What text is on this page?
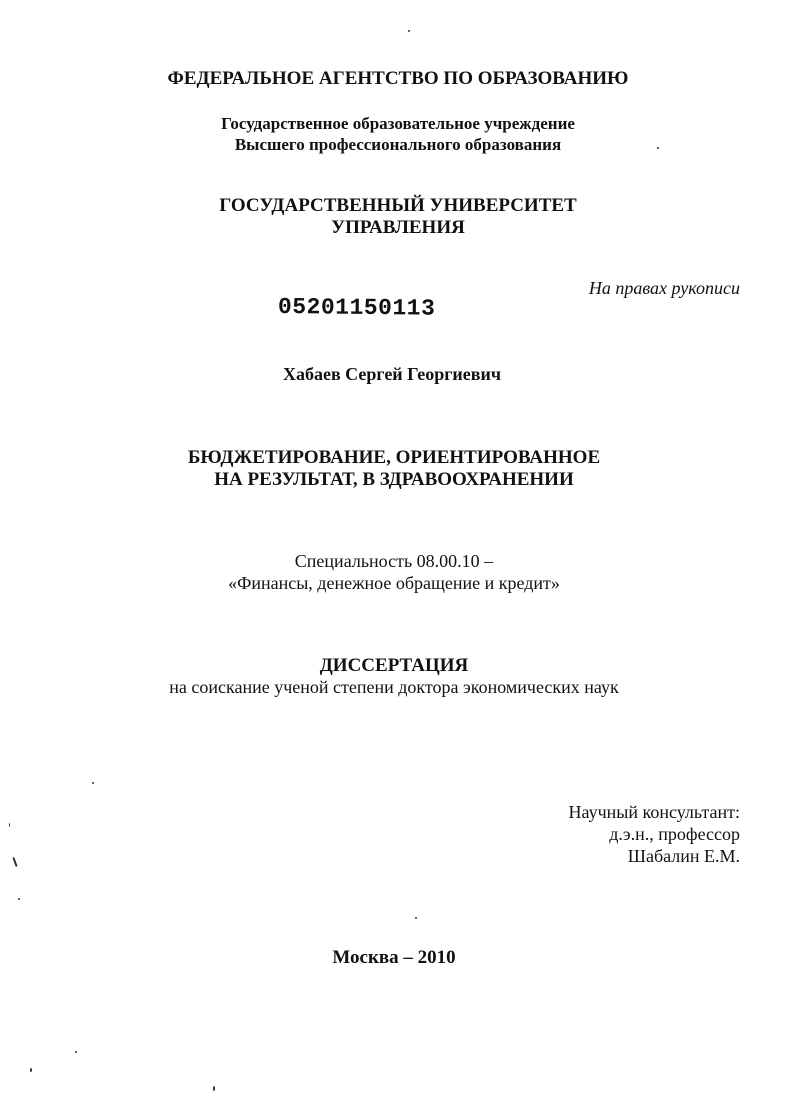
ФЕДЕРАЛЬНОЕ АГЕНТСТВО ПО ОБРАЗОВАНИЮ
Государственное образовательное учреждение
Высшего профессионального образования
ГОСУДАРСТВЕННЫЙ УНИВЕРСИТЕТ
УПРАВЛЕНИЯ
На правах рукописи
05201150113
Хабаев Сергей Георгиевич
БЮДЖЕТИРОВАНИЕ, ОРИЕНТИРОВАННОЕ
НА РЕЗУЛЬТАТ, В ЗДРАВООХРАНЕНИИ
Специальность 08.00.10 –
«Финансы, денежное обращение и кредит»
ДИССЕРТАЦИЯ
на соискание ученой степени доктора экономических наук
Научный консультант:
д.э.н., профессор
Шабалин Е.М.
Москва – 2010
